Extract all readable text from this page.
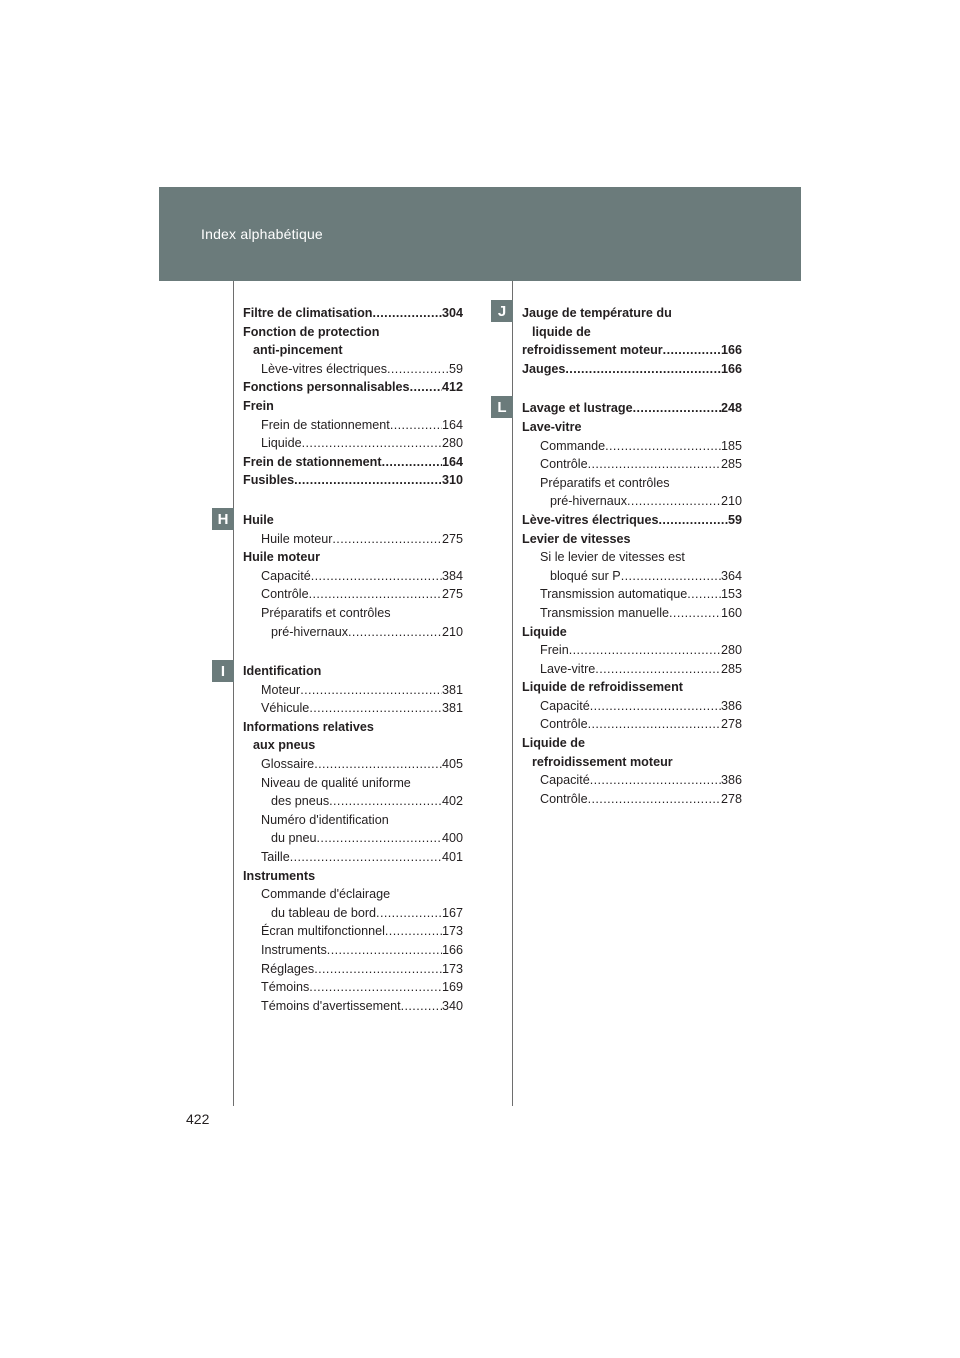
Index alphabétique
H
I
J
L
Filtre de climatisation .....	304
Fonction de protection
anti-pincement
Lève-vitres électriques .....	59
Fonctions personnalisables .....	412
Frein
Frein de stationnement .....	164
Liquide .....	280
Frein de stationnement .....	164
Fusibles .....	310
Huile
Huile moteur .....	275
Huile moteur
Capacité .....	384
Contrôle .....	275
Préparatifs et contrôles
pré-hivernaux .....	210
Identification
Moteur .....	381
Véhicule .....	381
Informations relatives
aux pneus
Glossaire .....	405
Niveau de qualité uniforme
des pneus .....	402
Numéro d'identification
du pneu .....	400
Taille .....	401
Instruments
Commande d'éclairage
du tableau de bord .....	167
Écran multifonctionnel .....	173
Instruments .....	166
Réglages .....	173
Témoins .....	169
Témoins d'avertissement .....	340
Jauge de température du
liquide de
refroidissement moteur .....	166
Jauges .....	166
Lavage et lustrage .....	248
Lave-vitre
Commande .....	185
Contrôle .....	285
Préparatifs et contrôles
pré-hivernaux .....	210
Lève-vitres électriques .....	59
Levier de vitesses
Si le levier de vitesses est
bloqué sur P .....	364
Transmission automatique .....	153
Transmission manuelle .....	160
Liquide
Frein .....	280
Lave-vitre .....	285
Liquide de refroidissement
Capacité .....	386
Contrôle .....	278
Liquide de
refroidissement moteur
Capacité .....	386
Contrôle .....	278
422
